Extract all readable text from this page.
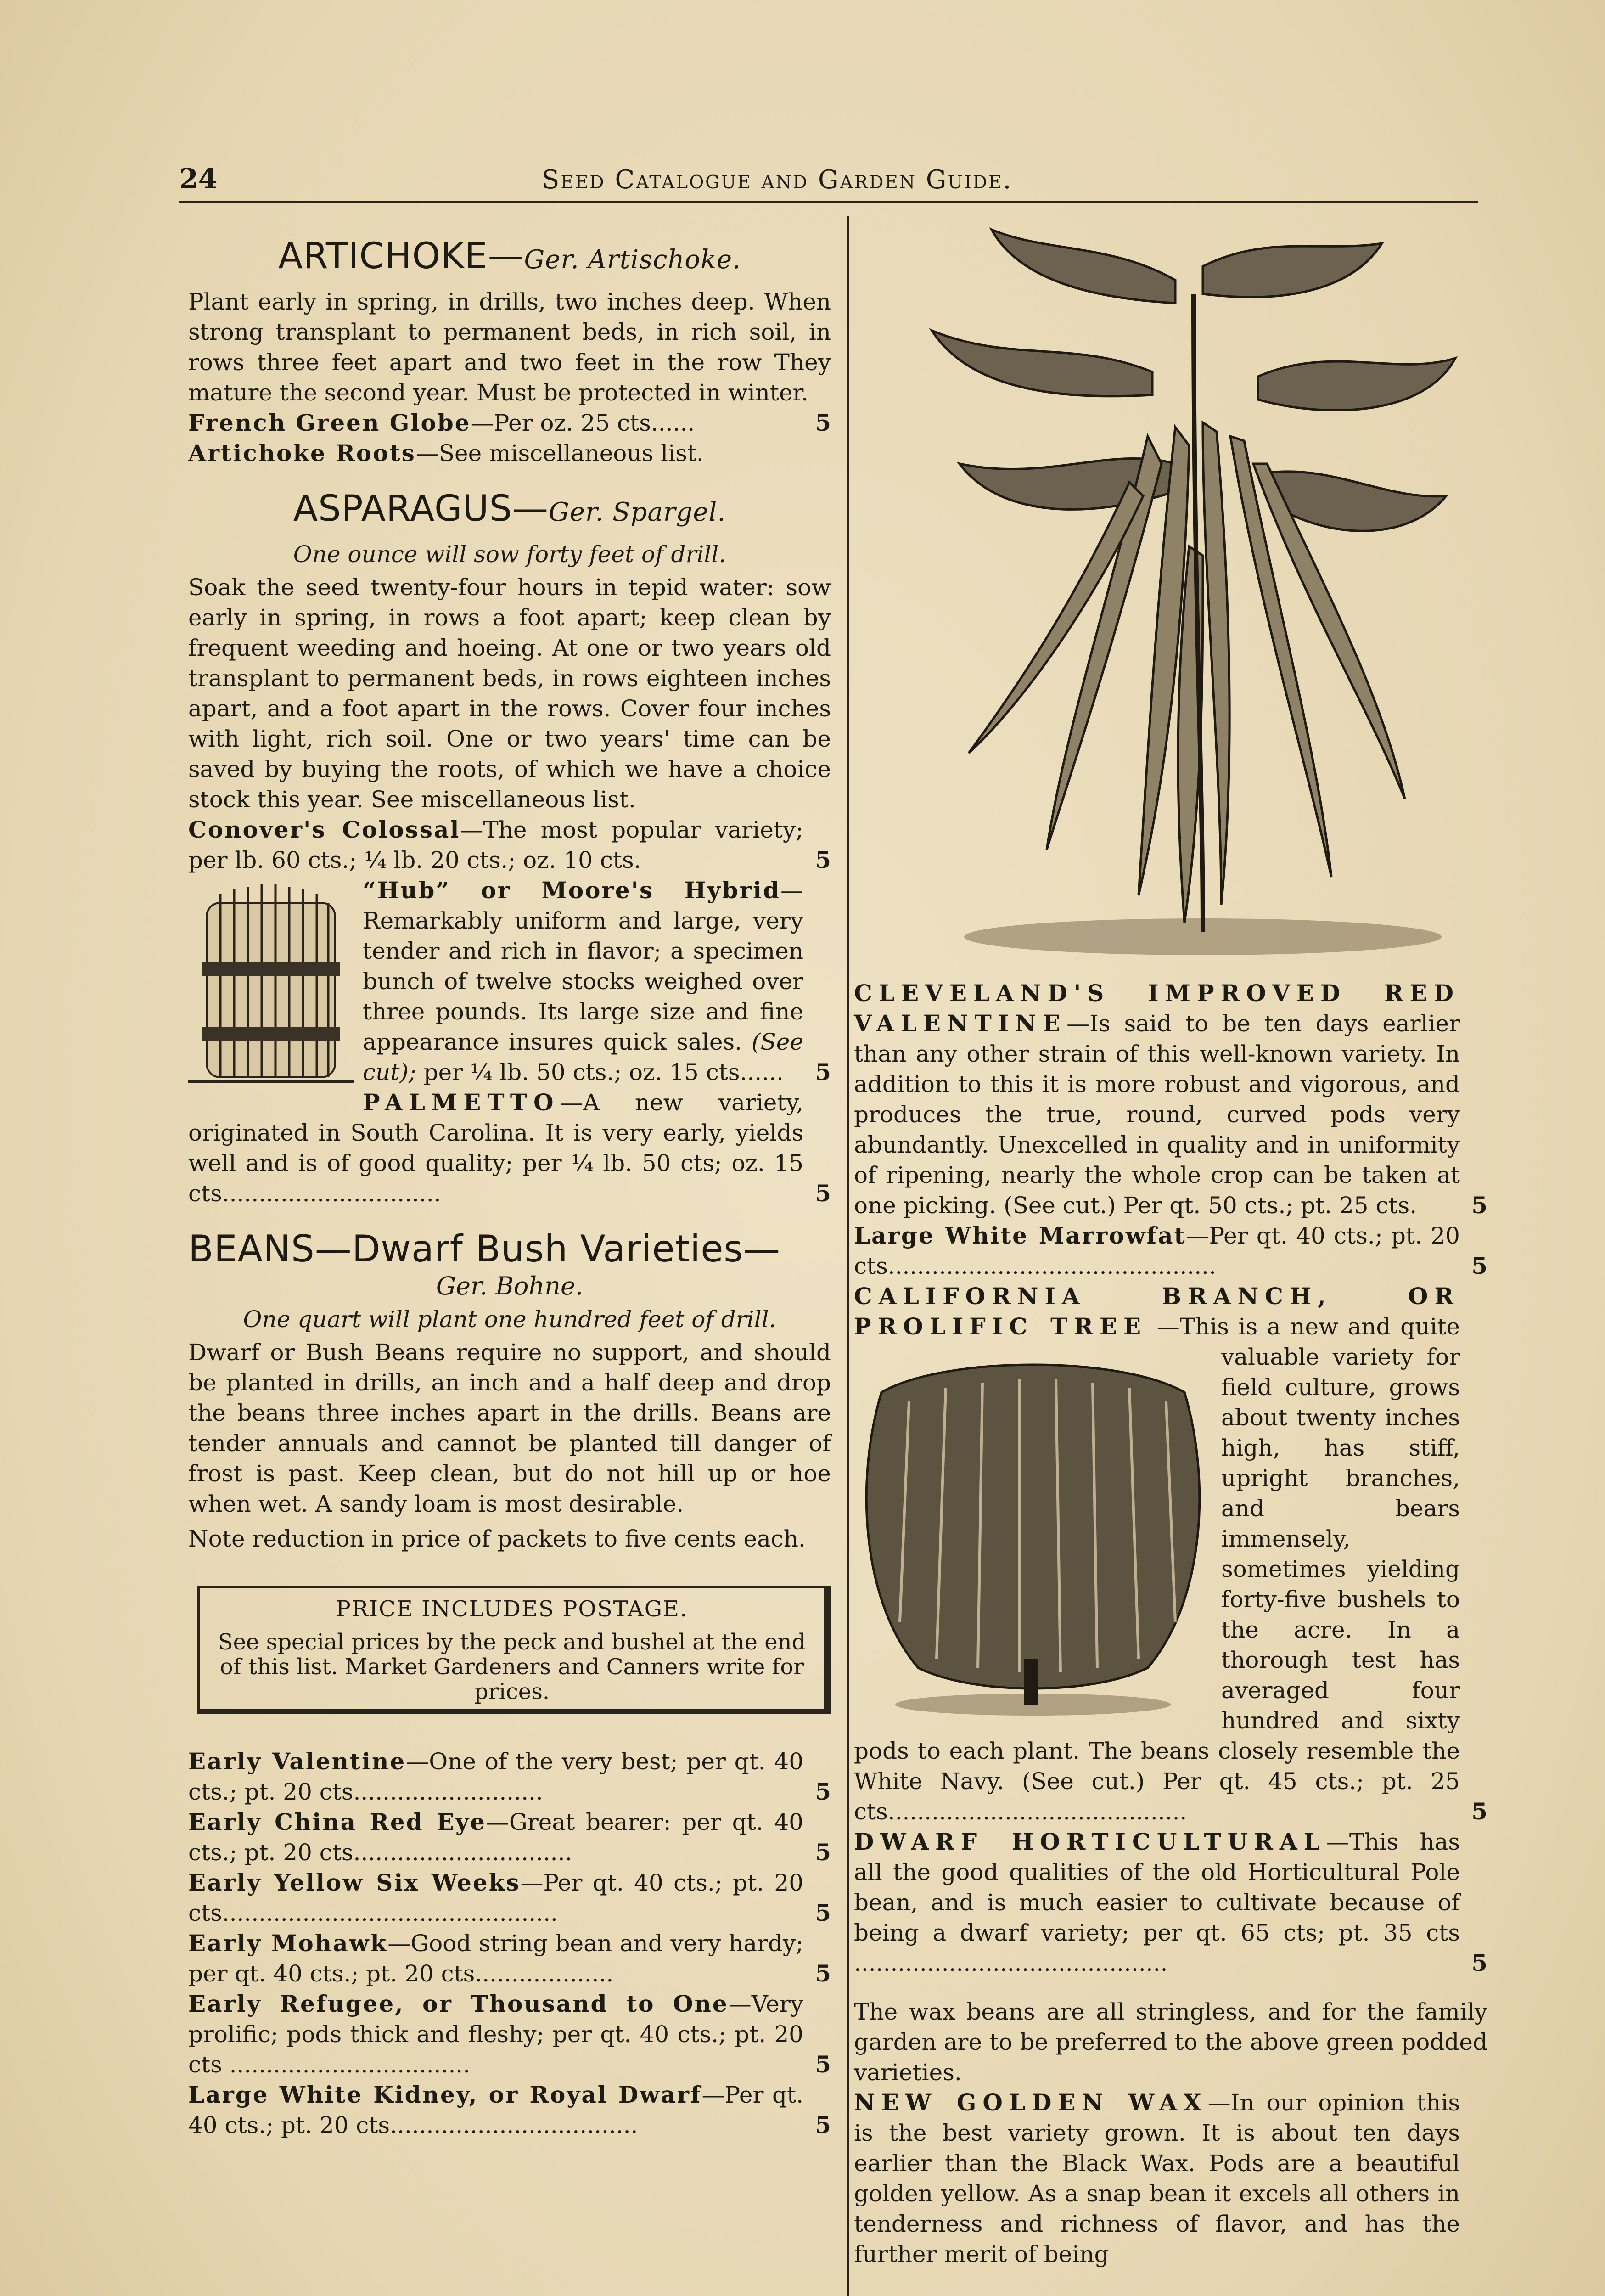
24	Seed Catalogue and Garden Guide.
ARTICHOKE—Ger. Artischoke.

Plant early in spring, in drills, two inches deep. When strong transplant to permanent beds, in rich soil, in rows three feet apart and two feet in the row They mature the second year. Must be protected in winter.

French Green Globe—Per oz. 25 cts......	5

Artichoke Roots—See miscellaneous list.

ASPARAGUS—Ger. Spargel.

One ounce will sow forty feet of drill.

Soak the seed twenty-four hours in tepid water: sow early in spring, in rows a foot apart; keep clean by frequent weeding and hoeing. At one or two years old transplant to permanent beds, in rows eighteen inches apart, and a foot apart in the rows. Cover four inches with light, rich soil. One or two years' time can be saved by buying the roots, of which we have a choice stock this year. See miscellaneous list.

Conover's Colossal—The most popular variety; per lb. 60 cts.; ¼ lb. 20 cts.; oz. 10 cts.	5

“Hub” or Moore's Hybrid—Remarkably uniform and large, very tender and rich in flavor; a specimen bunch of twelve stocks weighed over three pounds. Its large size and fine appearance insures quick sales. (See cut); per ¼ lb. 50 cts.; oz. 15 cts...... 5

PALMETTO—A new variety, originated in South Carolina. It is very early, yields well and is of good quality; per ¼ lb. 50 cts; oz. 15 cts..............................	5

BEANS—Dwarf Bush Varieties—

Ger. Bohne.

One quart will plant one hundred feet of drill.

Dwarf or Bush Beans require no support, and should be planted in drills, an inch and a half deep and drop the beans three inches apart in the drills. Beans are tender annuals and cannot be planted till danger of frost is past. Keep clean, but do not hill up or hoe when wet. A sandy loam is most desirable.

Note reduction in price of packets to five cents each.

PRICE INCLUDES POSTAGE.
See special prices by the peck and bushel at the end of this list. Market Gardeners and Canners write for prices.

Early Valentine—One of the very best; per qt. 40 cts.; pt. 20 cts..........................	5

Early China Red Eye—Great bearer: per qt. 40 cts.; pt. 20 cts..............................	5

Early Yellow Six Weeks—Per qt. 40 cts.; pt. 20 cts..............................................	5

Early Mohawk—Good string bean and very hardy; per qt. 40 cts.; pt. 20 cts...................	5

Early Refugee, or Thousand to One—Very prolific; pods thick and fleshy; per qt. 40 cts.; pt. 20 cts .................................	5

Large White Kidney, or Royal Dwarf—Per qt. 40 cts.; pt. 20 cts..................................	5

CLEVELAND'S IMPROVED RED VALENTINE—Is said to be ten days earlier than any other strain of this well-known variety. In addition to this it is more robust and vigorous, and produces the true, round, curved pods very abundantly. Unexcelled in quality and in uniformity of ripening, nearly the whole crop can be taken at one picking. (See cut.) Per qt. 50 cts.; pt. 25 cts. 5

Large White Marrowfat—Per qt. 40 cts.; pt. 20 cts.............................................	5

CALIFORNIA BRANCH, OR PROLIFIC TREE —This is a new and quite valuable variety for field culture, grows about twenty inches high, has stiff, upright branches, and bears immensely, sometimes yielding forty-five bushels to the acre. In a thorough test has averaged four hundred and sixty pods to each plant. The beans closely resemble the White Navy. (See cut.) Per qt. 45 cts.; pt. 25 cts.........................................	5

DWARF HORTICULTURAL—This has all the good qualities of the old Horticultural Pole bean, and is much easier to cultivate because of being a dwarf variety; per qt. 65 cts; pt. 35 cts ...........................................	5

The wax beans are all stringless, and for the family garden are to be preferred to the above green podded varieties.

NEW GOLDEN WAX—In our opinion this is the best variety grown. It is about ten days earlier than the Black Wax. Pods are a beautiful golden yellow. As a snap bean it excels all others in tenderness and richness of flavor, and has the further merit of being
